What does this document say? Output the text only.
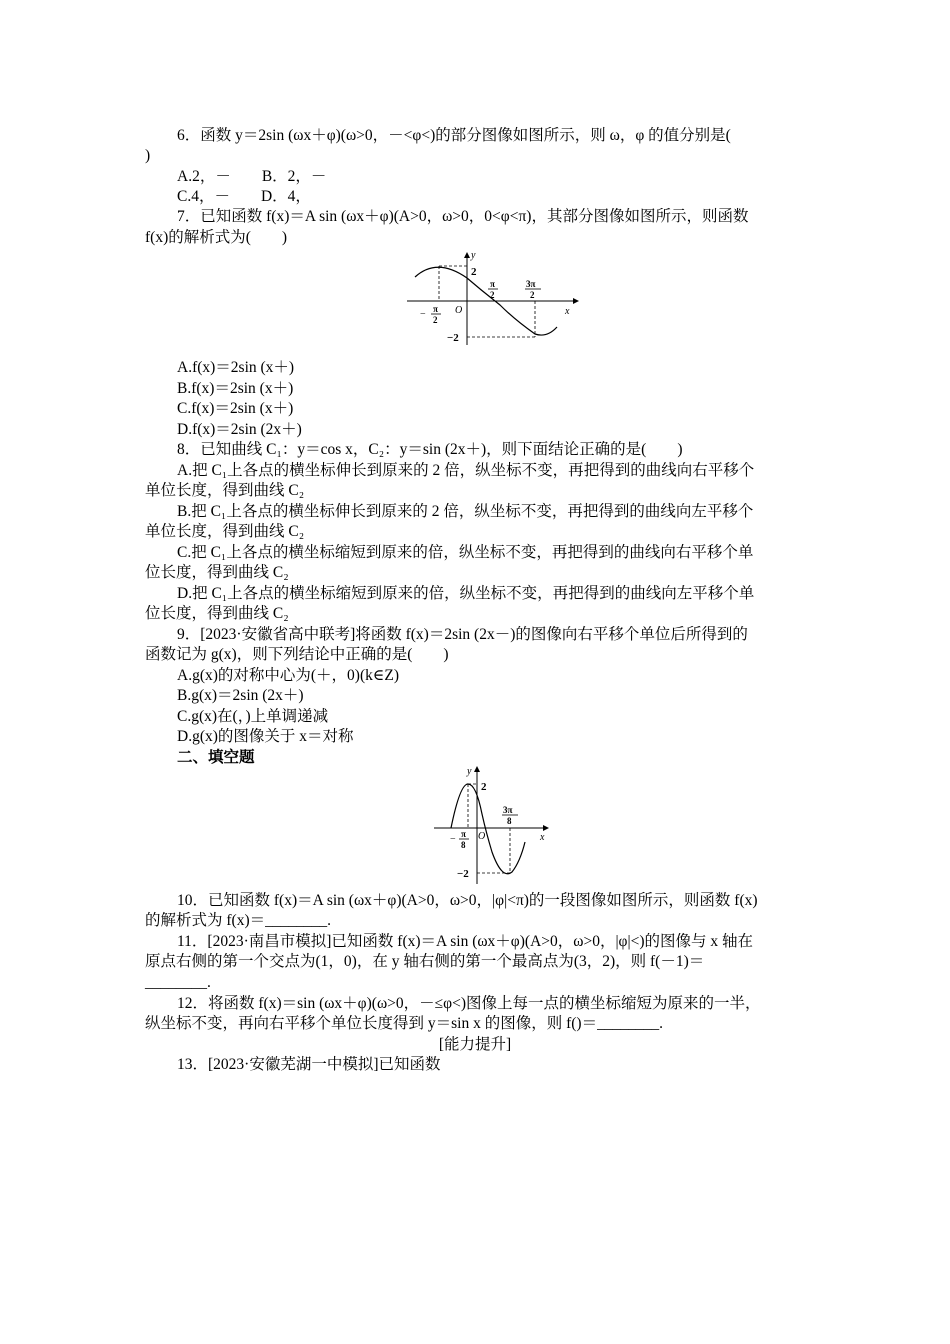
6．函数 y＝2sin (ωx＋φ)(ω>0，－<φ<)的部分图像如图所示，则 ω，φ 的值分别是(
)
A.2，－　　B．2，－
C.4，－　　D．4，
7．已知函数 f(x)＝A sin (ωx＋φ)(A>0，ω>0，0<φ<π)，其部分图像如图所示，则函数
f(x)的解析式为(　　)
y
x
O
2
−2
− π
2
π
2
3π
2
A.f(x)＝2sin (x＋)
B.f(x)＝2sin (x＋)
C.f(x)＝2sin (x＋)
D.f(x)＝2sin (2x＋)
8．已知曲线 C₁：y＝cos x，C₂：y＝sin (2x＋)，则下面结论正确的是(　　)
A.把 C₁上各点的横坐标伸长到原来的 2 倍，纵坐标不变，再把得到的曲线向右平移个
单位长度，得到曲线 C₂
B.把 C₁上各点的横坐标伸长到原来的 2 倍，纵坐标不变，再把得到的曲线向左平移个
单位长度，得到曲线 C₂
C.把 C₁上各点的横坐标缩短到原来的倍，纵坐标不变，再把得到的曲线向右平移个单
位长度，得到曲线 C₂
D.把 C₁上各点的横坐标缩短到原来的倍，纵坐标不变，再把得到的曲线向左平移个单
位长度，得到曲线 C₂
9．[2023·安徽省高中联考]将函数 f(x)＝2sin (2x－)的图像向右平移个单位后所得到的
函数记为 g(x)，则下列结论中正确的是(　　)
A.g(x)的对称中心为(＋，0)(k∈Z)
B.g(x)＝2sin (2x＋)
C.g(x)在(，)上单调递减
D.g(x)的图像关于 x＝对称
二、填空题
y
x
O
2
−2
− π
8
3π
8
10．已知函数 f(x)＝A sin (ωx＋φ)(A>0，ω>0，|φ|<π)的一段图像如图所示，则函数 f(x)
的解析式为 f(x)＝________.
11．[2023·南昌市模拟]已知函数 f(x)＝A sin (ωx＋φ)(A>0，ω>0，|φ|<)的图像与 x 轴在
原点右侧的第一个交点为(1，0)，在 y 轴右侧的第一个最高点为(3，2)，则 f(－1)＝
________.
12．将函数 f(x)＝sin (ωx＋φ)(ω>0，－≤φ<)图像上每一点的横坐标缩短为原来的一半，
纵坐标不变，再向右平移个单位长度得到 y＝sin x 的图像，则 f()＝________.
[能力提升]
13．[2023·安徽芜湖一中模拟]已知函数
